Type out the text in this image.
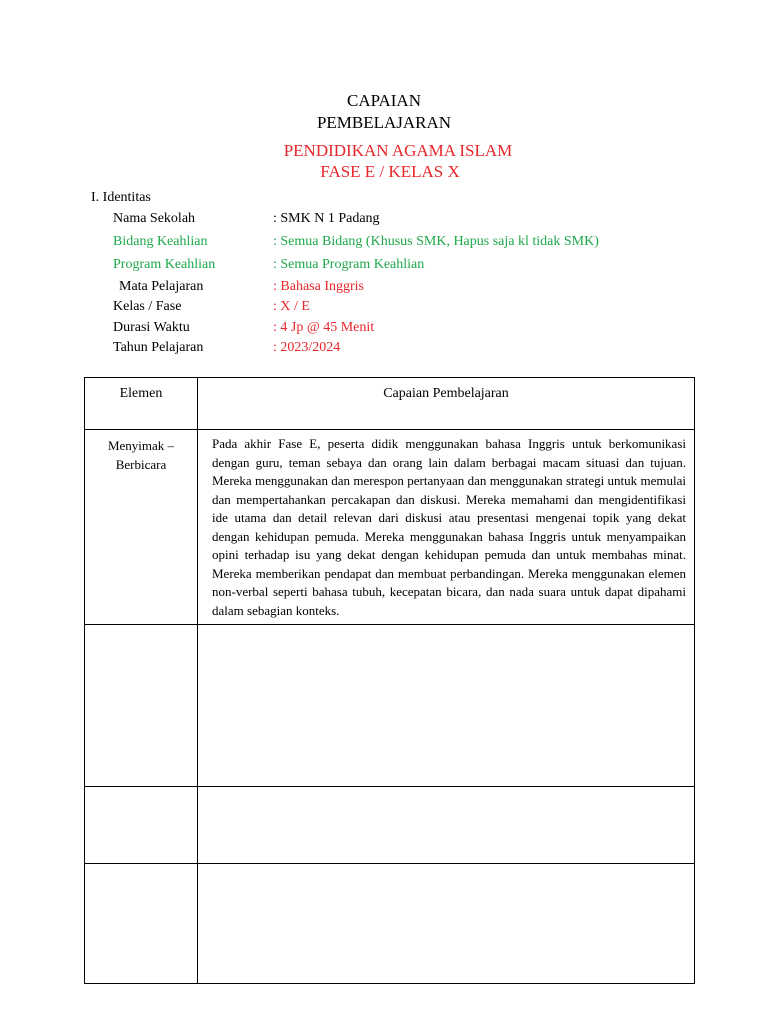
CAPAIAN
PEMBELAJARAN
PENDIDIKAN AGAMA ISLAM
FASE E / KELAS X
I. Identitas
Nama Sekolah	: SMK N 1 Padang
Bidang Keahlian	: Semua Bidang (Khusus SMK, Hapus saja kl tidak SMK)
Program Keahlian	: Semua Program Keahlian
Mata Pelajaran	: Bahasa Inggris
Kelas / Fase	: X / E
Durasi Waktu	: 4 Jp @ 45 Menit
Tahun Pelajaran	: 2023/2024
Elemen	Capaian Pembelajaran
Menyimak –
Berbicara	Pada akhir Fase E, peserta didik menggunakan bahasa Inggris untuk berkomunikasi dengan guru, teman sebaya dan orang lain dalam berbagai macam situasi dan tujuan. Mereka menggunakan dan merespon pertanyaan dan menggunakan strategi untuk memulai dan mempertahankan percakapan dan diskusi. Mereka memahami dan mengidentifikasi ide utama dan detail relevan dari diskusi atau presentasi mengenai topik yang dekat dengan kehidupan pemuda. Mereka menggunakan bahasa Inggris untuk menyampaikan opini terhadap isu yang dekat dengan kehidupan pemuda dan untuk membahas minat. Mereka memberikan pendapat dan membuat perbandingan. Mereka menggunakan elemen non-verbal seperti bahasa tubuh, kecepatan bicara, dan nada suara untuk dapat dipahami dalam sebagian konteks.
